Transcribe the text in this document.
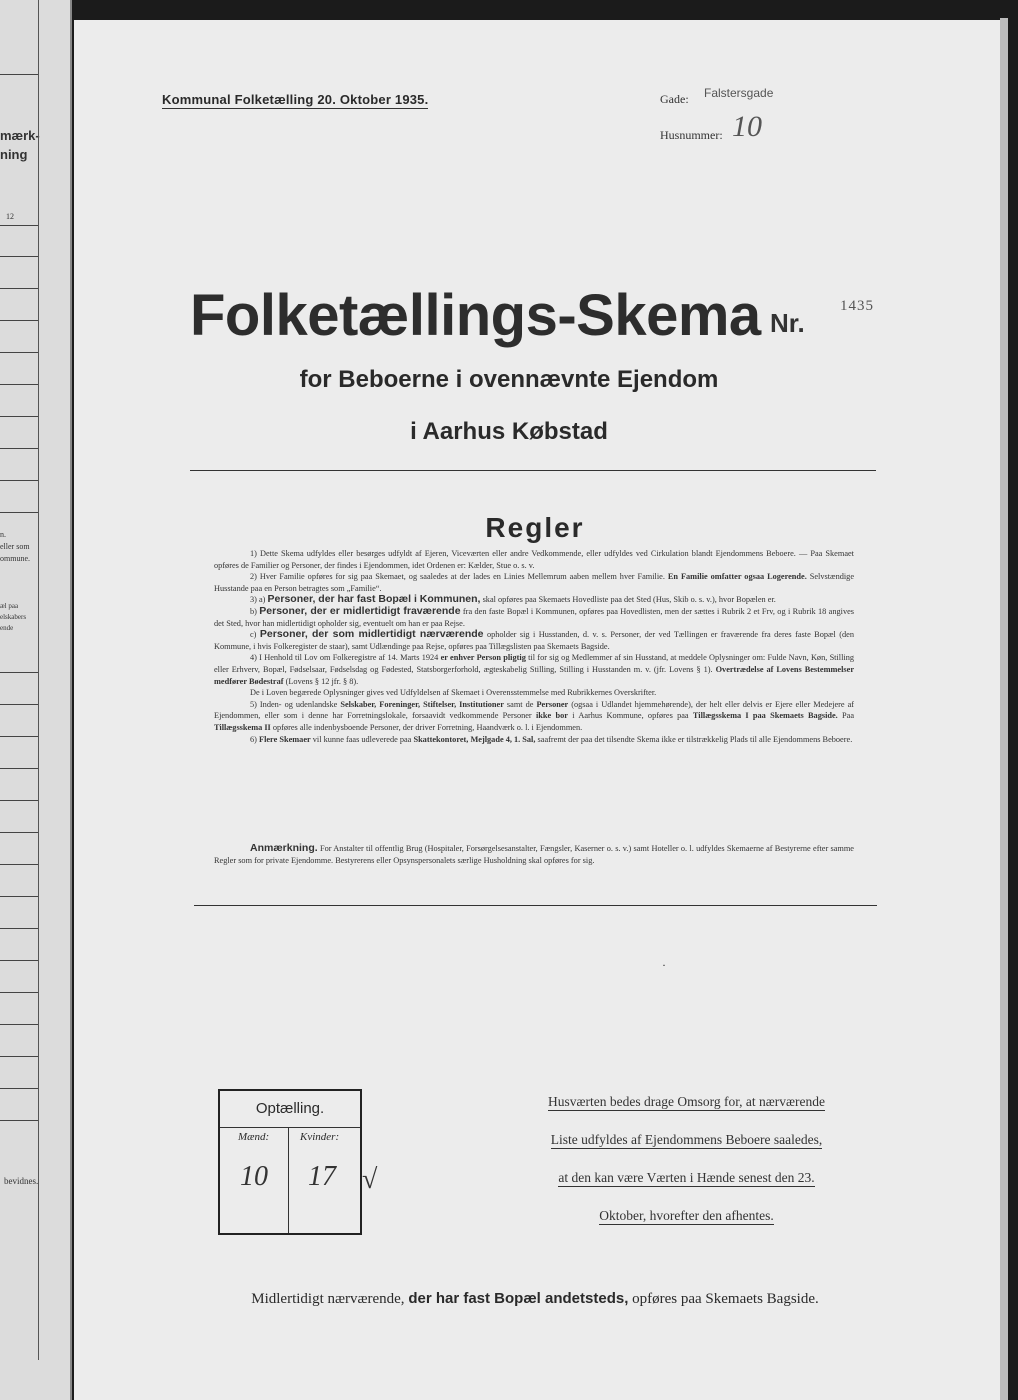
mærk-
ning
12
n.
eller som
ommune.
æl paa
elskabers
ende
bevidnes.
Kommunal Folketælling 20. Oktober 1935.	Gade: Falstersgade
Husnummer: 10
Folketællings-Skema Nr.
1435
for Beboerne i ovennævnte Ejendom
i Aarhus Købstad
Regler

1) Dette Skema udfyldes eller besørges udfyldt af Ejeren, Viceværten eller andre Vedkommende, eller udfyldes ved Cirkulation blandt Ejendommens Beboere. — Paa Skemaet opføres de Familier og Personer, der findes i Ejendommen, idet Ordenen er: Kælder, Stue o. s. v.

2) Hver Familie opføres for sig paa Skemaet, og saaledes at der lades en Linies Mellemrum aaben mellem hver Familie. En Familie omfatter ogsaa Logerende. Selvstændige Husstande paa en Person betragtes som „Familie“.

3) a) Personer, der har fast Bopæl i Kommunen, skal opføres paa Skemaets Hovedliste paa det Sted (Hus, Skib o. s. v.), hvor Bopælen er.

b) Personer, der er midlertidigt fraværende fra den faste Bopæl i Kommunen, opføres paa Hovedlisten, men der sættes i Rubrik 2 et Frv, og i Rubrik 18 angives det Sted, hvor han midlertidigt opholder sig, eventuelt om han er paa Rejse.

c) Personer, der som midlertidigt nærværende opholder sig i Husstanden, d. v. s. Personer, der ved Tællingen er fraværende fra deres faste Bopæl (den Kommune, i hvis Folkeregister de staar), samt Udlændinge paa Rejse, opføres paa Tillægslisten paa Skemaets Bagside.

4) I Henhold til Lov om Folkeregistre af 14. Marts 1924 er enhver Person pligtig til for sig og Medlemmer af sin Husstand, at meddele Oplysninger om: Fulde Navn, Køn, Stilling eller Erhverv, Bopæl, Fødselsaar, Fødselsdag og Fødested, Statsborgerforhold, ægteskabelig Stilling, Stilling i Husstanden m. v. (jfr. Lovens § 1). Overtrædelse af Lovens Bestemmelser medfører Bødestraf (Lovens § 12 jfr. § 8).

De i Loven begærede Oplysninger gives ved Udfyldelsen af Skemaet i Overensstemmelse med Rubrikkernes Overskrifter.

5) Inden- og udenlandske Selskaber, Foreninger, Stiftelser, Institutioner samt de Personer (ogsaa i Udlandet hjemmehørende), der helt eller delvis er Ejere eller Medejere af Ejendommen, eller som i denne har Forretningslokale, forsaavidt vedkommende Personer ikke bor i Aarhus Kommune, opføres paa Tillægsskema I paa Skemaets Bagside. Paa Tillægsskema II opføres alle indenbysboende Personer, der driver Forretning, Haandværk o. l. i Ejendommen.

6) Flere Skemaer vil kunne faas udleverede paa Skattekontoret, Mejlgade 4, 1. Sal, saafremt der paa det tilsendte Skema ikke er tilstrækkelig Plads til alle Ejendommens Beboere.

Anmærkning. For Anstalter til offentlig Brug (Hospitaler, Forsørgelsesanstalter, Fængsler, Kaserner o. s. v.) samt Hoteller o. l. udfyldes Skemaerne af Bestyrerne efter samme Regler som for private Ejendomme. Bestyrerens eller Opsynspersonalets særlige Husholdning skal opføres for sig.

·
Optælling.
Mænd:	Kvinder:
10 17 √
Husværten bedes drage Omsorg for, at nærværende
Liste udfyldes af Ejendommens Beboere saaledes,
at den kan være Værten i Hænde senest den 23.
Oktober, hvorefter den afhentes.
Midlertidigt nærværende, der har fast Bopæl andetsteds, opføres paa Skemaets Bagside.
